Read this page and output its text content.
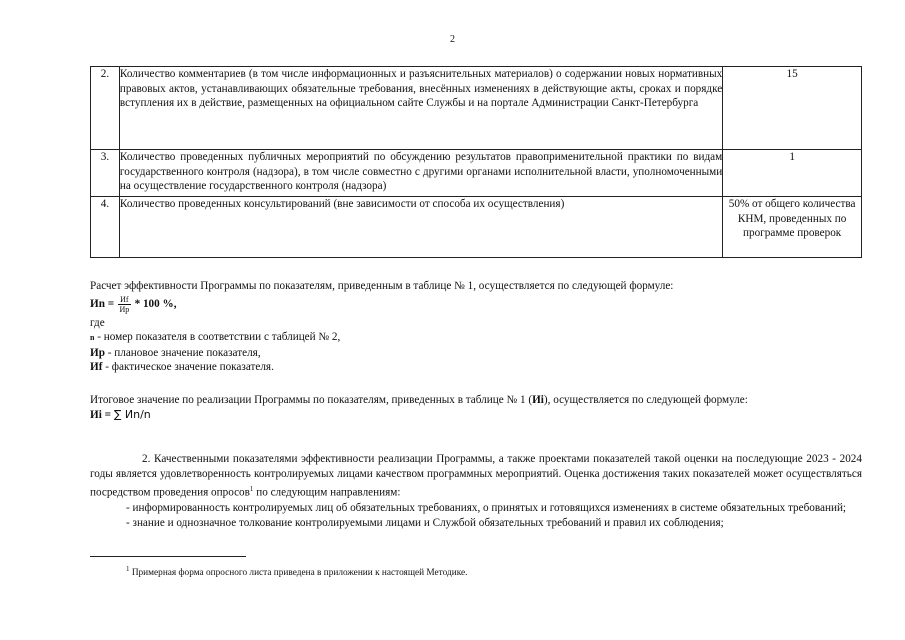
2
2.	Количество комментариев (в том числе информационных и разъяснительных материалов) о содержании новых нормативных правовых актов, устанавливающих обязательные требования, внесённых изменениях в действующие акты, сроках и порядке вступления их в действие, размещенных на официальном сайте Службы и на портале Администрации Санкт-Петербурга	15
3.	Количество проведенных публичных мероприятий по обсуждению результатов правоприменительной практики по видам государственного контроля (надзора), в том числе совместно с другими органами исполнительной власти, уполномоченными на осуществление государственного контроля (надзора)	1
4.	Количество проведенных консультирований (вне зависимости от способа их осуществления)	50% от общего количества КНМ, проведенных по программе проверок
Расчет эффективности Программы по показателям, приведенным в таблице № 1, осуществляется по следующей формуле:
Иn = $\frac{Иf}{Иp} * 100$ %,
где
n - номер показателя в соответствии с таблицей № 2,
Иp - плановое значение показателя,
Иf - фактическое значение показателя.
Итоговое значение по реализации Программы по показателям, приведенных в таблице № 1 (Иi), осуществляется по следующей формуле:
Иi = ∑ Иn/n
2. Качественными показателями эффективности реализации Программы, а также проектами показателей такой оценки на последующие 2023 - 2024 годы является удовлетворенность контролируемых лицами качеством программных мероприятий. Оценка достижения таких показателей может осуществляться посредством проведения опросов$^1$ по следующим направлениям:
- информированность контролируемых лиц об обязательных требованиях, о принятых и готовящихся изменениях в системе обязательных требований;
- знание и однозначное толкование контролируемыми лицами и Службой обязательных требований и правил их соблюдения;
$^1$ Примерная форма опросного листа приведена в приложении к настоящей Методике.
